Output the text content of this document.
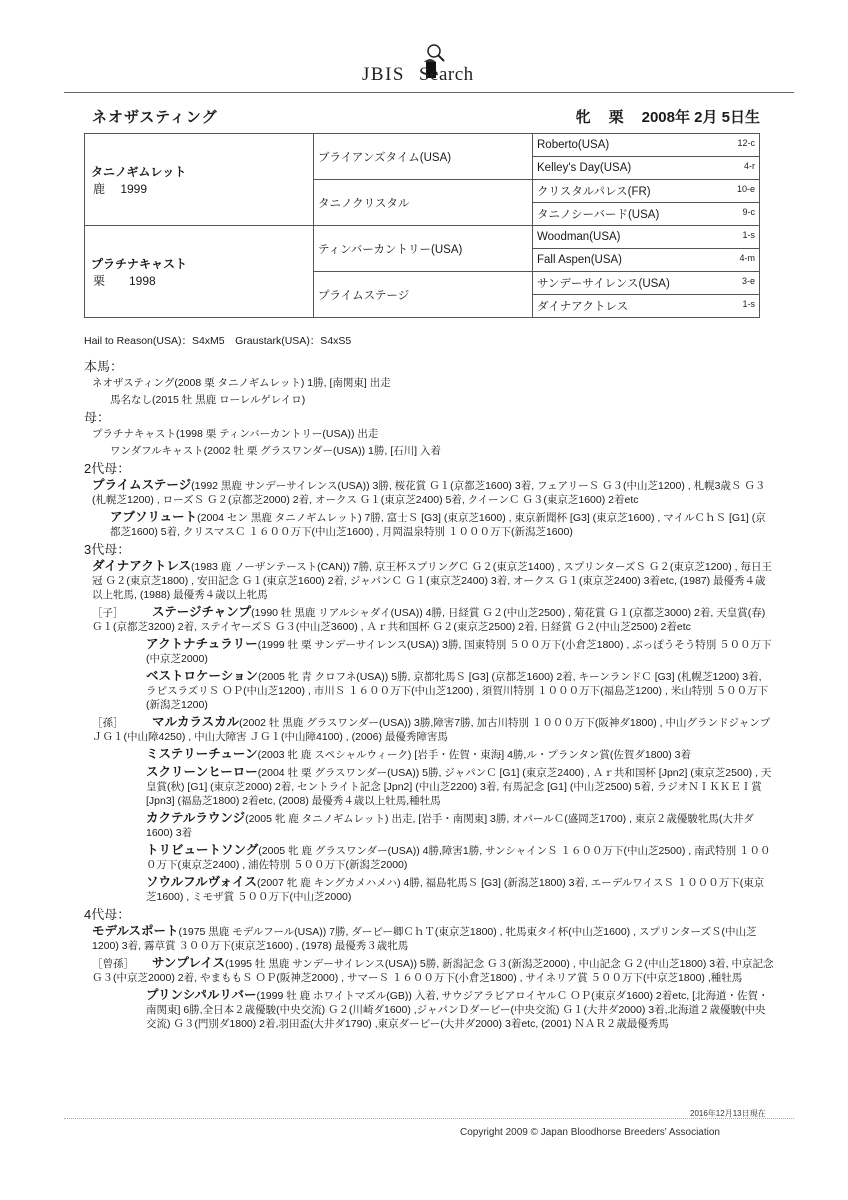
JBIS Search
ネオザスティング	牝 栗 2008年 2月 5日生
タニノギムレット
鹿　 1999	ブライアンズタイム(USA)	Roberto(USA) 12-c

		Kelley's Day(USA) 4-r

	タニノクリスタル	クリスタルパレス(FR) 10-e

		タニノシーバード(USA) 9-c

プラチナキャスト
栗　　1998	ティンバーカントリー(USA)	Woodman(USA) 1-s

		Fall Aspen(USA) 4-m

	プライムステージ	サンデーサイレンス(USA) 3-e

		ダイナアクトレス 1-s
Hail to Reason(USA)：S4xM5　Graustark(USA)：S4xS5
本馬：
ネオザスティング(2008 栗 タニノギムレット) 1勝, [南関東] 出走
馬名なし(2015 牡 黒鹿 ローレルゲレイロ)
母：
プラチナキャスト(1998 栗 ティンバーカントリー(USA)) 出走
ワンダフルキャスト(2002 牡 栗 グラスワンダー(USA)) 1勝, [石川] 入着
2代母：
プライムステージ(1992 黒鹿 サンデーサイレンス(USA)) 3勝, 桜花賞 Ｇ１(京都芝1600) 3着, フェアリーＳ Ｇ３(中山芝1200) , 札幌3歳Ｓ Ｇ３(札幌芝1200) , ローズＳ Ｇ２(京都芝2000) 2着, オークス Ｇ１(東京芝2400) 5着, クイーンＣ Ｇ３(東京芝1600) 2着etc
アブソリュート(2004 セン 黒鹿 タニノギムレット) 7勝, 富士Ｓ [G3] (東京芝1600) , 東京新聞杯 [G3] (東京芝1600) , マイルＣｈＳ [G1] (京都芝1600) 5着, クリスマスＣ １６００万下(中山芝1600) , 月岡温泉特別 １０００万下(新潟芝1600)
3代母：
ダイナアクトレス(1983 鹿 ノーザンテースト(CAN)) 7勝, 京王杯スプリングＣ Ｇ２(東京芝1400) , スプリンターズＳ Ｇ２(東京芝1200) , 毎日王冠 Ｇ２(東京芝1800) , 安田記念 Ｇ１(東京芝1600) 2着, ジャパンＣ Ｇ１(東京芝2400) 3着, オークス Ｇ１(東京芝2400) 3着etc, (1987) 最優秀４歳以上牝馬, (1988) 最優秀４歳以上牝馬
［子］ ステージチャンプ(1990 牡 黒鹿 リアルシャダイ(USA)) 4勝, 日経賞 Ｇ２(中山芝2500) , 菊花賞 Ｇ１(京都芝3000) 2着, 天皇賞(春) Ｇ１(京都芝3200) 2着, ステイヤーズＳ Ｇ３(中山芝3600) , Ａｒ共和国杯 Ｇ２(東京芝2500) 2着, 日経賞 Ｇ２(中山芝2500) 2着etc
アクトナチュラリー(1999 牡 栗 サンデーサイレンス(USA)) 3勝, 国東特別 ５００万下(小倉芝1800) , ぶっぽうそう特別 ５００万下(中京芝2000)
ベストロケーション(2005 牝 青 クロフネ(USA)) 5勝, 京都牝馬Ｓ [G3] (京都芝1600) 2着, キーンランドＣ [G3] (札幌芝1200) 3着, ラピスラズリＳ ＯＰ(中山芝1200) , 市川Ｓ １６００万下(中山芝1200) , 須賀川特別 １０００万下(福島芝1200) , 米山特別 ５００万下(新潟芝1200)
［孫］ マルカラスカル(2002 牡 黒鹿 グラスワンダー(USA)) 3勝,障害7勝, 加古川特別 １０００万下(阪神ダ1800) , 中山グランドジャンプ ＪＧ１(中山障4250) , 中山大障害 ＪＧ１(中山障4100) , (2006) 最優秀障害馬
ミステリーチューン(2003 牝 鹿 スペシャルウィーク) [岩手・佐賀・東海] 4勝,ル・プランタン賞(佐賀ダ1800) 3着
スクリーンヒーロー(2004 牡 栗 グラスワンダー(USA)) 5勝, ジャパンＣ [G1] (東京芝2400) , Ａｒ共和国杯 [Jpn2] (東京芝2500) , 天皇賞(秋) [G1] (東京芝2000) 2着, セントライト記念 [Jpn2] (中山芝2200) 3着, 有馬記念 [G1] (中山芝2500) 5着, ラジオＮＩＫＫＥＩ賞 [Jpn3] (福島芝1800) 2着etc, (2008) 最優秀４歳以上牡馬,種牡馬
カクテルラウンジ(2005 牝 鹿 タニノギムレット) 出走, [岩手・南関東] 3勝, オパールＣ(盛岡芝1700) , 東京２歳優駿牝馬(大井ダ1600) 3着
トリビュートソング(2005 牝 鹿 グラスワンダー(USA)) 4勝,障害1勝, サンシャインＳ １６００万下(中山芝2500) , 南武特別 １０００万下(東京芝2400) , 浦佐特別 ５００万下(新潟芝2000)
ソウルフルヴォイス(2007 牝 鹿 キングカメハメハ) 4勝, 福島牝馬Ｓ [G3] (新潟芝1800) 3着, エーデルワイスＳ １０００万下(東京芝1600) , ミモザ賞 ５００万下(中山芝2000)
4代母：
モデルスポート(1975 黒鹿 モデルフール(USA)) 7勝, ダービー卿ＣｈＴ(東京芝1800) , 牝馬東タイ杯(中山芝1600) , スプリンターズＳ(中山芝1200) 3着, 霧草賞 ３００万下(東京芝1600) , (1978) 最優秀３歳牝馬
［曾孫］ サンプレイス(1995 牡 黒鹿 サンデーサイレンス(USA)) 5勝, 新潟記念 Ｇ３(新潟芝2000) , 中山記念 Ｇ２(中山芝1800) 3着, 中京記念 Ｇ３(中京芝2000) 2着, やまももＳ ＯＰ(阪神芝2000) , サマーＳ １６００万下(小倉芝1800) , サイネリア賞 ５００万下(中京芝1800) ,種牡馬
プリンシパルリバー(1999 牡 鹿 ホワイトマズル(GB)) 入着, サウジアラビアロイヤルＣ ＯＰ(東京ダ1600) 2着etc, [北海道・佐賀・南関東] 6勝,全日本２歳優駿(中央交流) Ｇ２(川崎ダ1600) ,ジャパンＤダービー(中央交流) Ｇ１(大井ダ2000) 3着,北海道２歳優駿(中央交流) Ｇ３(門別ダ1800) 2着,羽田盃(大井ダ1790) ,東京ダービー(大井ダ2000) 3着etc, (2001) ＮＡＲ２歳最優秀馬
2016年12月13日現在
Copyright 2009 © Japan Bloodhorse Breeders' Association
